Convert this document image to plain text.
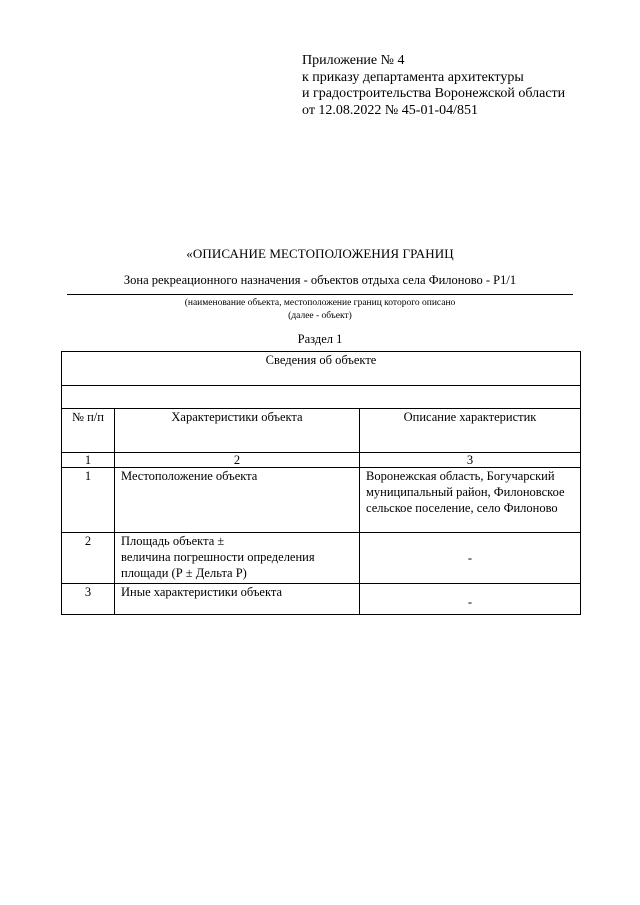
Приложение № 4
к приказу департамента архитектуры
и градостроительства Воронежской области
от 12.08.2022 № 45-01-04/851
«ОПИСАНИЕ МЕСТОПОЛОЖЕНИЯ ГРАНИЦ
Зона рекреационного назначения - объектов отдыха села Филоново - Р1/1
(наименование объекта, местоположение границ которого описано
(далее - объект)
Раздел 1
Сведения об объекте		

№ п/п	Характеристики объекта	Описание характеристик
1	2	3
1	Местоположение объекта	Воронежская область, Богучарский муниципальный район, Филоновское сельское поселение, село Филоново
2	Площадь объекта ±
величина погрешности определения
площади (Р ± Дельта Р)	-
3	Иные характеристики объекта	-
